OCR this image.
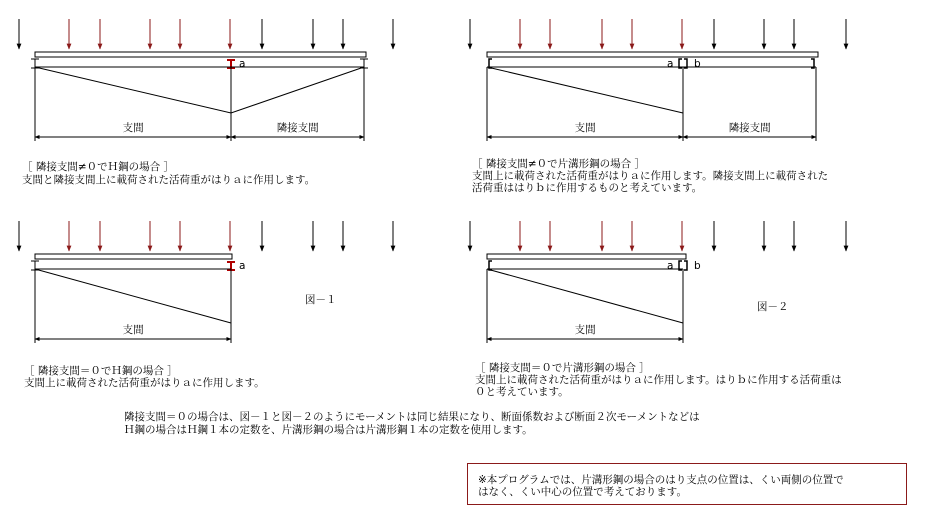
a
支間	隣接支間
a b
支間	隣接支間
a
支間
a b
支間
［ 隣接支間≠０でＨ鋼の場合 ］
支間と隣接支間上に載荷された活荷重がはりａに作用します。
［ 隣接支間≠０で片溝形鋼の場合 ］
支間上に載荷された活荷重がはりａに作用します。隣接支間上に載荷された
活荷重ははりｂに作用するものと考えています。
［ 隣接支間＝０でＨ鋼の場合 ］
支間上に載荷された活荷重がはりａに作用します。
［ 隣接支間＝０で片溝形鋼の場合 ］
支間上に載荷された活荷重がはりａに作用します。はりｂに作用する活荷重は
０と考えています。
図－１
図－２
隣接支間＝０の場合は、図－１と図－２のようにモーメントは同じ結果になり、断面係数および断面２次モーメントなどは
Ｈ鋼の場合はＨ鋼１本の定数を、片溝形鋼の場合は片溝形鋼１本の定数を使用します。
※本プログラムでは、片溝形鋼の場合のはり支点の位置は、くい両側の位置で
はなく、くい中心の位置で考えております。
